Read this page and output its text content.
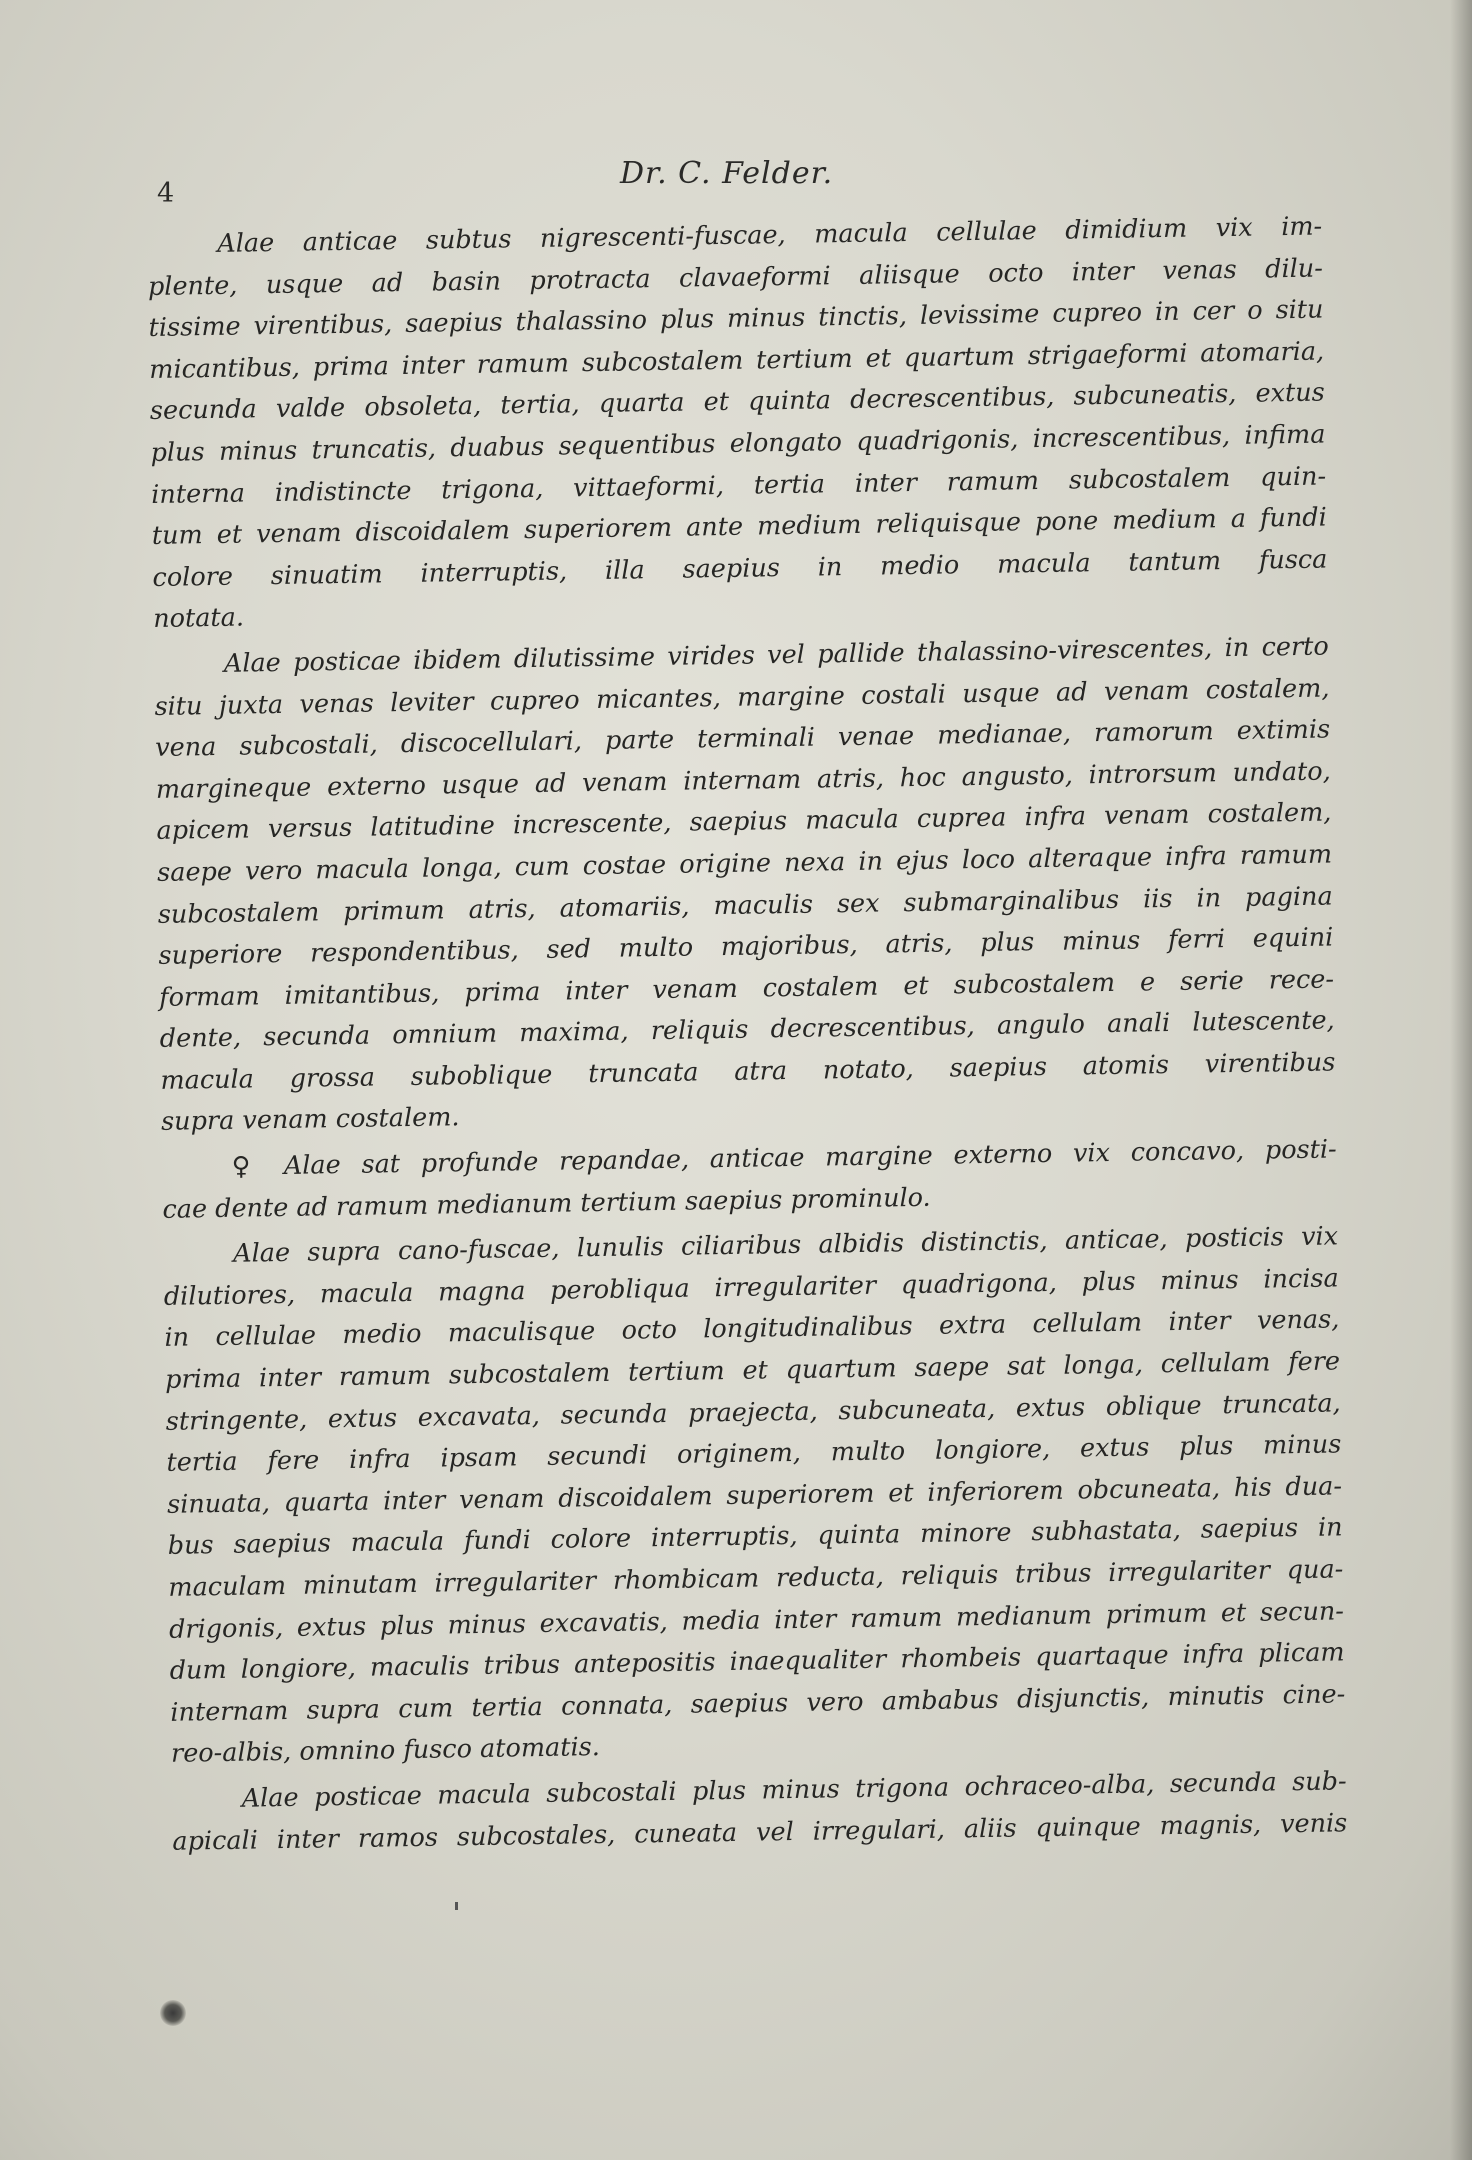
4
Dr. C. Felder.
Alae anticae subtus nigrescenti-fuscae, macula cellulae dimidium vix im-
plente, usque ad basin protracta clavaeformi aliisque octo inter venas dilu-
tissime virentibus, saepius thalassino plus minus tinctis, levissime cupreo in cer o situ
micantibus, prima inter ramum subcostalem tertium et quartum strigaeformi atomaria,
secunda valde obsoleta, tertia, quarta et quinta decrescentibus, subcuneatis, extus
plus minus truncatis, duabus sequentibus elongato quadrigonis, increscentibus, infima
interna indistincte trigona, vittaeformi, tertia inter ramum subcostalem quin-
tum et venam discoidalem superiorem ante medium reliquisque pone medium a fundi
colore sinuatim interruptis, illa saepius in medio macula tantum fusca
notata.
Alae posticae ibidem dilutissime virides vel pallide thalassino-virescentes, in certo
situ juxta venas leviter cupreo micantes, margine costali usque ad venam costalem,
vena subcostali, discocellulari, parte terminali venae medianae, ramorum extimis
margineque externo usque ad venam internam atris, hoc angusto, introrsum undato,
apicem versus latitudine increscente, saepius macula cuprea infra venam costalem,
saepe vero macula longa, cum costae origine nexa in ejus loco alteraque infra ramum
subcostalem primum atris, atomariis, maculis sex submarginalibus iis in pagina
superiore respondentibus, sed multo majoribus, atris, plus minus ferri equini
formam imitantibus, prima inter venam costalem et subcostalem e serie rece-
dente, secunda omnium maxima, reliquis decrescentibus, angulo anali lutescente,
macula grossa suboblique truncata atra notato, saepius atomis virentibus
supra venam costalem.
♀ Alae sat profunde repandae, anticae margine externo vix concavo, posti-
cae dente ad ramum medianum tertium saepius prominulo.
Alae supra cano-fuscae, lunulis ciliaribus albidis distinctis, anticae, posticis vix
dilutiores, macula magna perobliqua irregulariter quadrigona, plus minus incisa
in cellulae medio maculisque octo longitudinalibus extra cellulam inter venas,
prima inter ramum subcostalem tertium et quartum saepe sat longa, cellulam fere
stringente, extus excavata, secunda praejecta, subcuneata, extus oblique truncata,
tertia fere infra ipsam secundi originem, multo longiore, extus plus minus
sinuata, quarta inter venam discoidalem superiorem et inferiorem obcuneata, his dua-
bus saepius macula fundi colore interruptis, quinta minore subhastata, saepius in
maculam minutam irregulariter rhombicam reducta, reliquis tribus irregulariter qua-
drigonis, extus plus minus excavatis, media inter ramum medianum primum et secun-
dum longiore, maculis tribus antepositis inaequaliter rhombeis quartaque infra plicam
internam supra cum tertia connata, saepius vero ambabus disjunctis, minutis cine-
reo-albis, omnino fusco atomatis.
Alae posticae macula subcostali plus minus trigona ochraceo-alba, secunda sub-
apicali inter ramos subcostales, cuneata vel irregulari, aliis quinque magnis, venis
